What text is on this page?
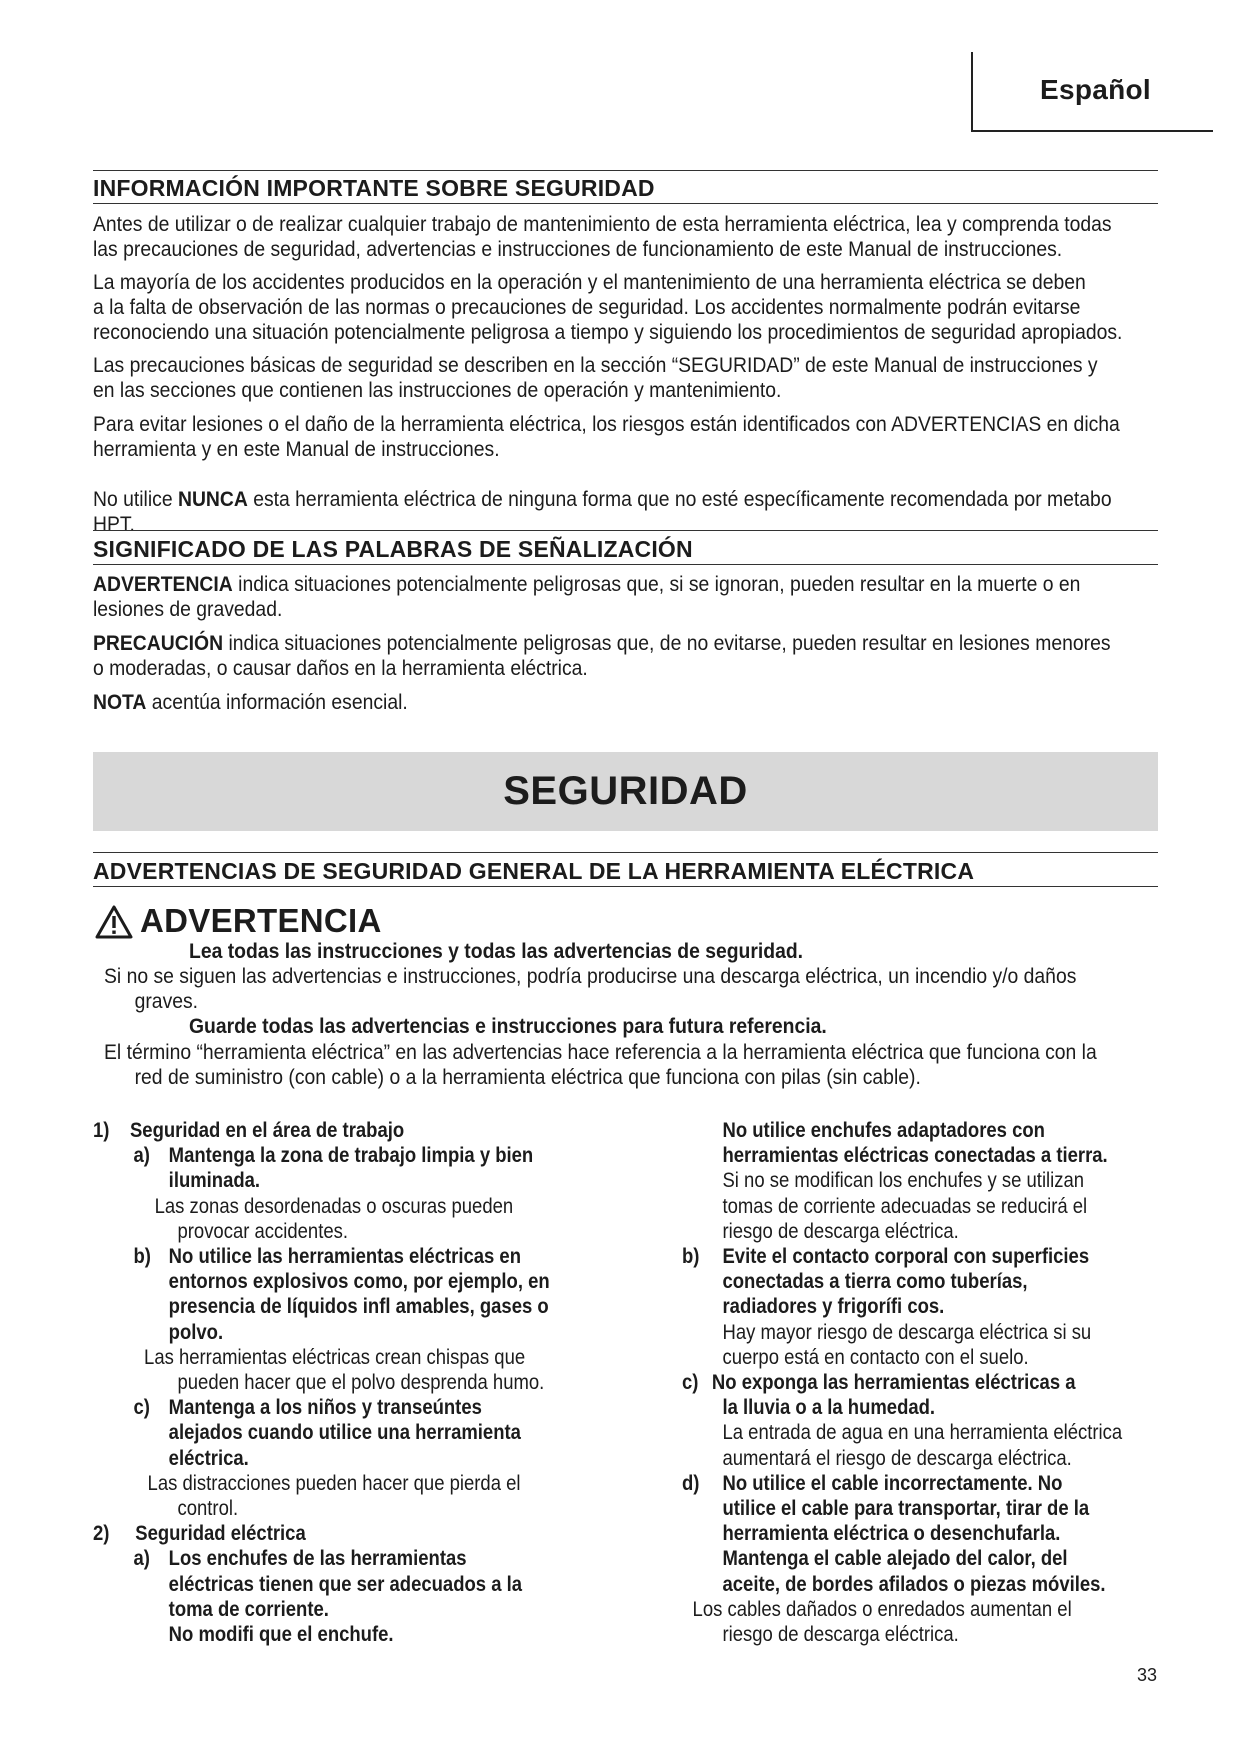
Español
INFORMACIÓN IMPORTANTE SOBRE SEGURIDAD
Antes de utilizar o de realizar cualquier trabajo de mantenimiento de esta herramienta eléctrica, lea y comprenda todas
las precauciones de seguridad, advertencias e instrucciones de funcionamiento de este Manual de instrucciones.
La mayoría de los accidentes producidos en la operación y el mantenimiento de una herramienta eléctrica se deben
a la falta de observación de las normas o precauciones de seguridad. Los accidentes normalmente podrán evitarse
reconociendo una situación potencialmente peligrosa a tiempo y siguiendo los procedimientos de seguridad apropiados.
Las precauciones básicas de seguridad se describen en la sección “SEGURIDAD” de este Manual de instrucciones y
en las secciones que contienen las instrucciones de operación y mantenimiento.
Para evitar lesiones o el daño de la herramienta eléctrica, los riesgos están identificados con ADVERTENCIAS en dicha
herramienta y en este Manual de instrucciones.
No utilice NUNCA esta herramienta eléctrica de ninguna forma que no esté específicamente recomendada por metabo HPT.
SIGNIFICADO DE LAS PALABRAS DE SEÑALIZACIÓN
ADVERTENCIA indica situaciones potencialmente peligrosas que, si se ignoran, pueden resultar en la muerte o en
lesiones de gravedad.
PRECAUCIÓN indica situaciones potencialmente peligrosas que, de no evitarse, pueden resultar en lesiones menores
o moderadas, o causar daños en la herramienta eléctrica.
NOTA acentúa información esencial.
SEGURIDAD
ADVERTENCIAS DE SEGURIDAD GENERAL DE LA HERRAMIENTA ELÉCTRICA
ADVERTENCIA
Lea todas las instrucciones y todas las advertencias de seguridad.
Si no se siguen las advertencias e instrucciones, podría producirse una descarga eléctrica, un incendio y/o daños
graves.
Guarde todas las advertencias e instrucciones para futura referencia.
El término “herramienta eléctrica” en las advertencias hace referencia a la herramienta eléctrica que funciona con la
red de suministro (con cable) o a la herramienta eléctrica que funciona con pilas (sin cable).
1) Seguridad en el área de trabajo
a) Mantenga la zona de trabajo limpia y bien
iluminada.
Las zonas desordenadas o oscuras pueden
provocar accidentes.
b) No utilice las herramientas eléctricas en
entornos explosivos como, por ejemplo, en
presencia de líquidos infl amables, gases o
polvo.
Las herramientas eléctricas crean chispas que
pueden hacer que el polvo desprenda humo.
c) Mantenga a los niños y transeúntes
alejados cuando utilice una herramienta
eléctrica.
Las distracciones pueden hacer que pierda el
control.
2) Seguridad eléctrica
a) Los enchufes de las herramientas
eléctricas tienen que ser adecuados a la
toma de corriente.
No modifi que el enchufe.
No utilice enchufes adaptadores con
herramientas eléctricas conectadas a tierra.
Si no se modifican los enchufes y se utilizan
tomas de corriente adecuadas se reducirá el
riesgo de descarga eléctrica.
b) Evite el contacto corporal con superficies
conectadas a tierra como tuberías,
radiadores y frigorífi cos.
Hay mayor riesgo de descarga eléctrica si su
cuerpo está en contacto con el suelo.
c) No exponga las herramientas eléctricas a
la lluvia o a la humedad.
La entrada de agua en una herramienta eléctrica
aumentará el riesgo de descarga eléctrica.
d) No utilice el cable incorrectamente. No
utilice el cable para transportar, tirar de la
herramienta eléctrica o desenchufarla.
Mantenga el cable alejado del calor, del
aceite, de bordes afilados o piezas móviles.
Los cables dañados o enredados aumentan el
riesgo de descarga eléctrica.
33
